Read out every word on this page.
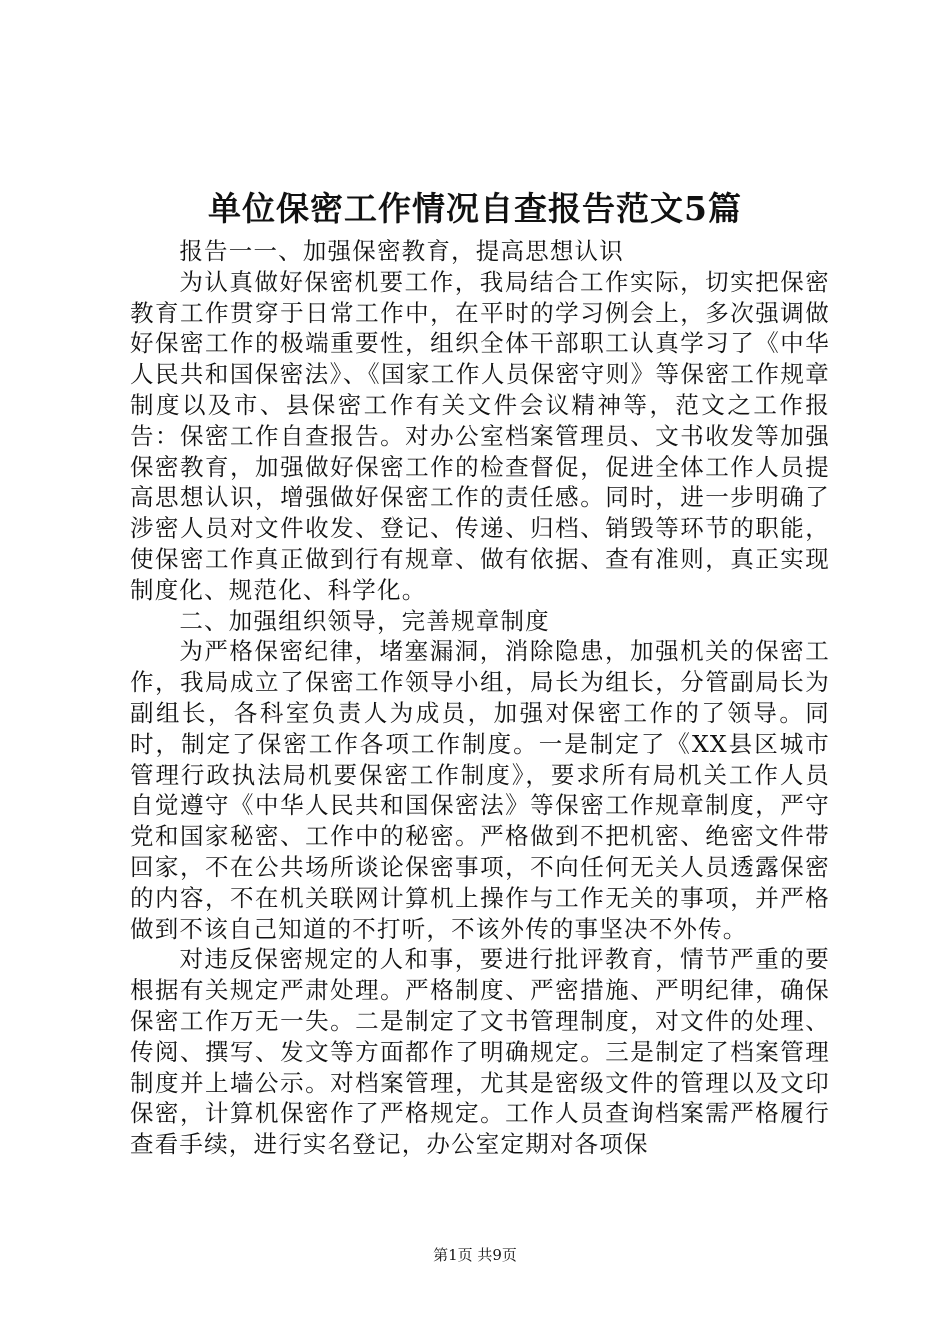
单位保密工作情况自查报告范文5篇

报告一一、加强保密教育，提高思想认识

为认真做好保密机要工作，我局结合工作实际，切实把保密教育工作贯穿于日常工作中，在平时的学习例会上，多次强调做好保密工作的极端重要性，组织全体干部职工认真学习了《中华人民共和国保密法》、《国家工作人员保密守则》等保密工作规章制度以及市、县保密工作有关文件会议精神等，范文之工作报告：保密工作自查报告。对办公室档案管理员、文书收发等加强保密教育，加强做好保密工作的检查督促，促进全体工作人员提高思想认识，增强做好保密工作的责任感。同时，进一步明确了涉密人员对文件收发、登记、传递、归档、销毁等环节的职能，使保密工作真正做到行有规章、做有依据、查有准则，真正实现制度化、规范化、科学化。

二、加强组织领导，完善规章制度

为严格保密纪律，堵塞漏洞，消除隐患，加强机关的保密工作，我局成立了保密工作领导小组，局长为组长，分管副局长为副组长，各科室负责人为成员，加强对保密工作的了领导。同时，制定了保密工作各项工作制度。一是制定了《XX县区城市管理行政执法局机要保密工作制度》，要求所有局机关工作人员自觉遵守《中华人民共和国保密法》等保密工作规章制度，严守党和国家秘密、工作中的秘密。严格做到不把机密、绝密文件带回家，不在公共场所谈论保密事项，不向任何无关人员透露保密的内容，不在机关联网计算机上操作与工作无关的事项，并严格做到不该自己知道的不打听，不该外传的事坚决不外传。

对违反保密规定的人和事，要进行批评教育，情节严重的要根据有关规定严肃处理。严格制度、严密措施、严明纪律，确保保密工作万无一失。二是制定了文书管理制度，对文件的处理、传阅、撰写、发文等方面都作了明确规定。三是制定了档案管理制度并上墙公示。对档案管理，尤其是密级文件的管理以及文印保密，计算机保密作了严格规定。工作人员查询档案需严格履行查看手续，进行实名登记，办公室定期对各项保

第1页 共9页
